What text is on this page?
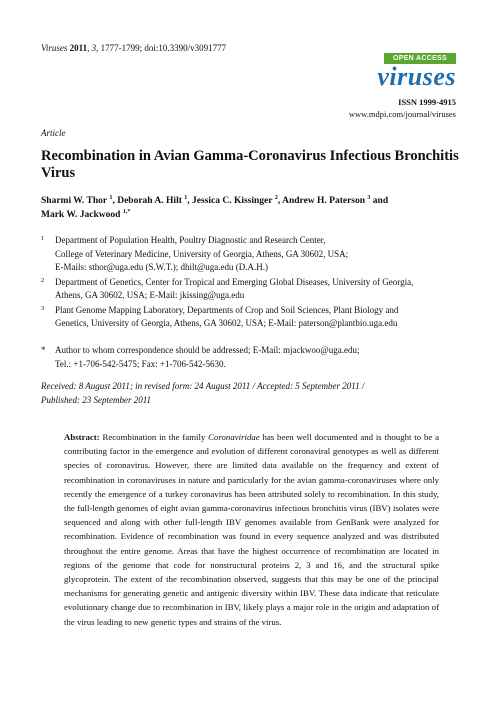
Viruses 2011, 3, 1777-1799; doi:10.3390/v3091777
OPEN ACCESS
viruses
ISSN 1999-4915
www.mdpi.com/journal/viruses
Article
Recombination in Avian Gamma-Coronavirus Infectious Bronchitis Virus
Sharmi W. Thor $^1$, Deborah A. Hilt $^1$, Jessica C. Kissinger $^2$, Andrew H. Paterson $^3$ and
Mark W. Jackwood $^{1,*}$
1 Department of Population Health, Poultry Diagnostic and Research Center,
College of Veterinary Medicine, University of Georgia, Athens, GA 30602, USA;
E-Mails: sthor@uga.edu (S.W.T.); dhilt@uga.edu (D.A.H.)
2 Department of Genetics, Center for Tropical and Emerging Global Diseases, University of Georgia,
Athens, GA 30602, USA; E-Mail: jkissing@uga.edu
3 Plant Genome Mapping Laboratory, Departments of Crop and Soil Sciences, Plant Biology and
Genetics, University of Georgia, Athens, GA 30602, USA; E-Mail: paterson@plantbio.uga.edu
* Author to whom correspondence should be addressed; E-Mail: mjackwoo@uga.edu;
Tel.: +1-706-542-5475; Fax: +1-706-542-5630.
Received: 8 August 2011; in revised form: 24 August 2011 / Accepted: 5 September 2011 /
Published: 23 September 2011
Abstract: Recombination in the family Coronaviridae has been well documented and is thought to be a contributing factor in the emergence and evolution of different coronaviral genotypes as well as different species of coronavirus. However, there are limited data available on the frequency and extent of recombination in coronaviruses in nature and particularly for the avian gamma-coronaviruses where only recently the emergence of a turkey coronavirus has been attributed solely to recombination. In this study, the full-length genomes of eight avian gamma-coronavirus infectious bronchitis virus (IBV) isolates were sequenced and along with other full-length IBV genomes available from GenBank were analyzed for recombination. Evidence of recombination was found in every sequence analyzed and was distributed throughout the entire genome. Areas that have the highest occurrence of recombination are located in regions of the genome that code for nonstructural proteins 2, 3 and 16, and the structural spike glycoprotein. The extent of the recombination observed, suggests that this may be one of the principal mechanisms for generating genetic and antigenic diversity within IBV. These data indicate that reticulate evolutionary change due to recombination in IBV, likely plays a major role in the origin and adaptation of the virus leading to new genetic types and strains of the virus.
